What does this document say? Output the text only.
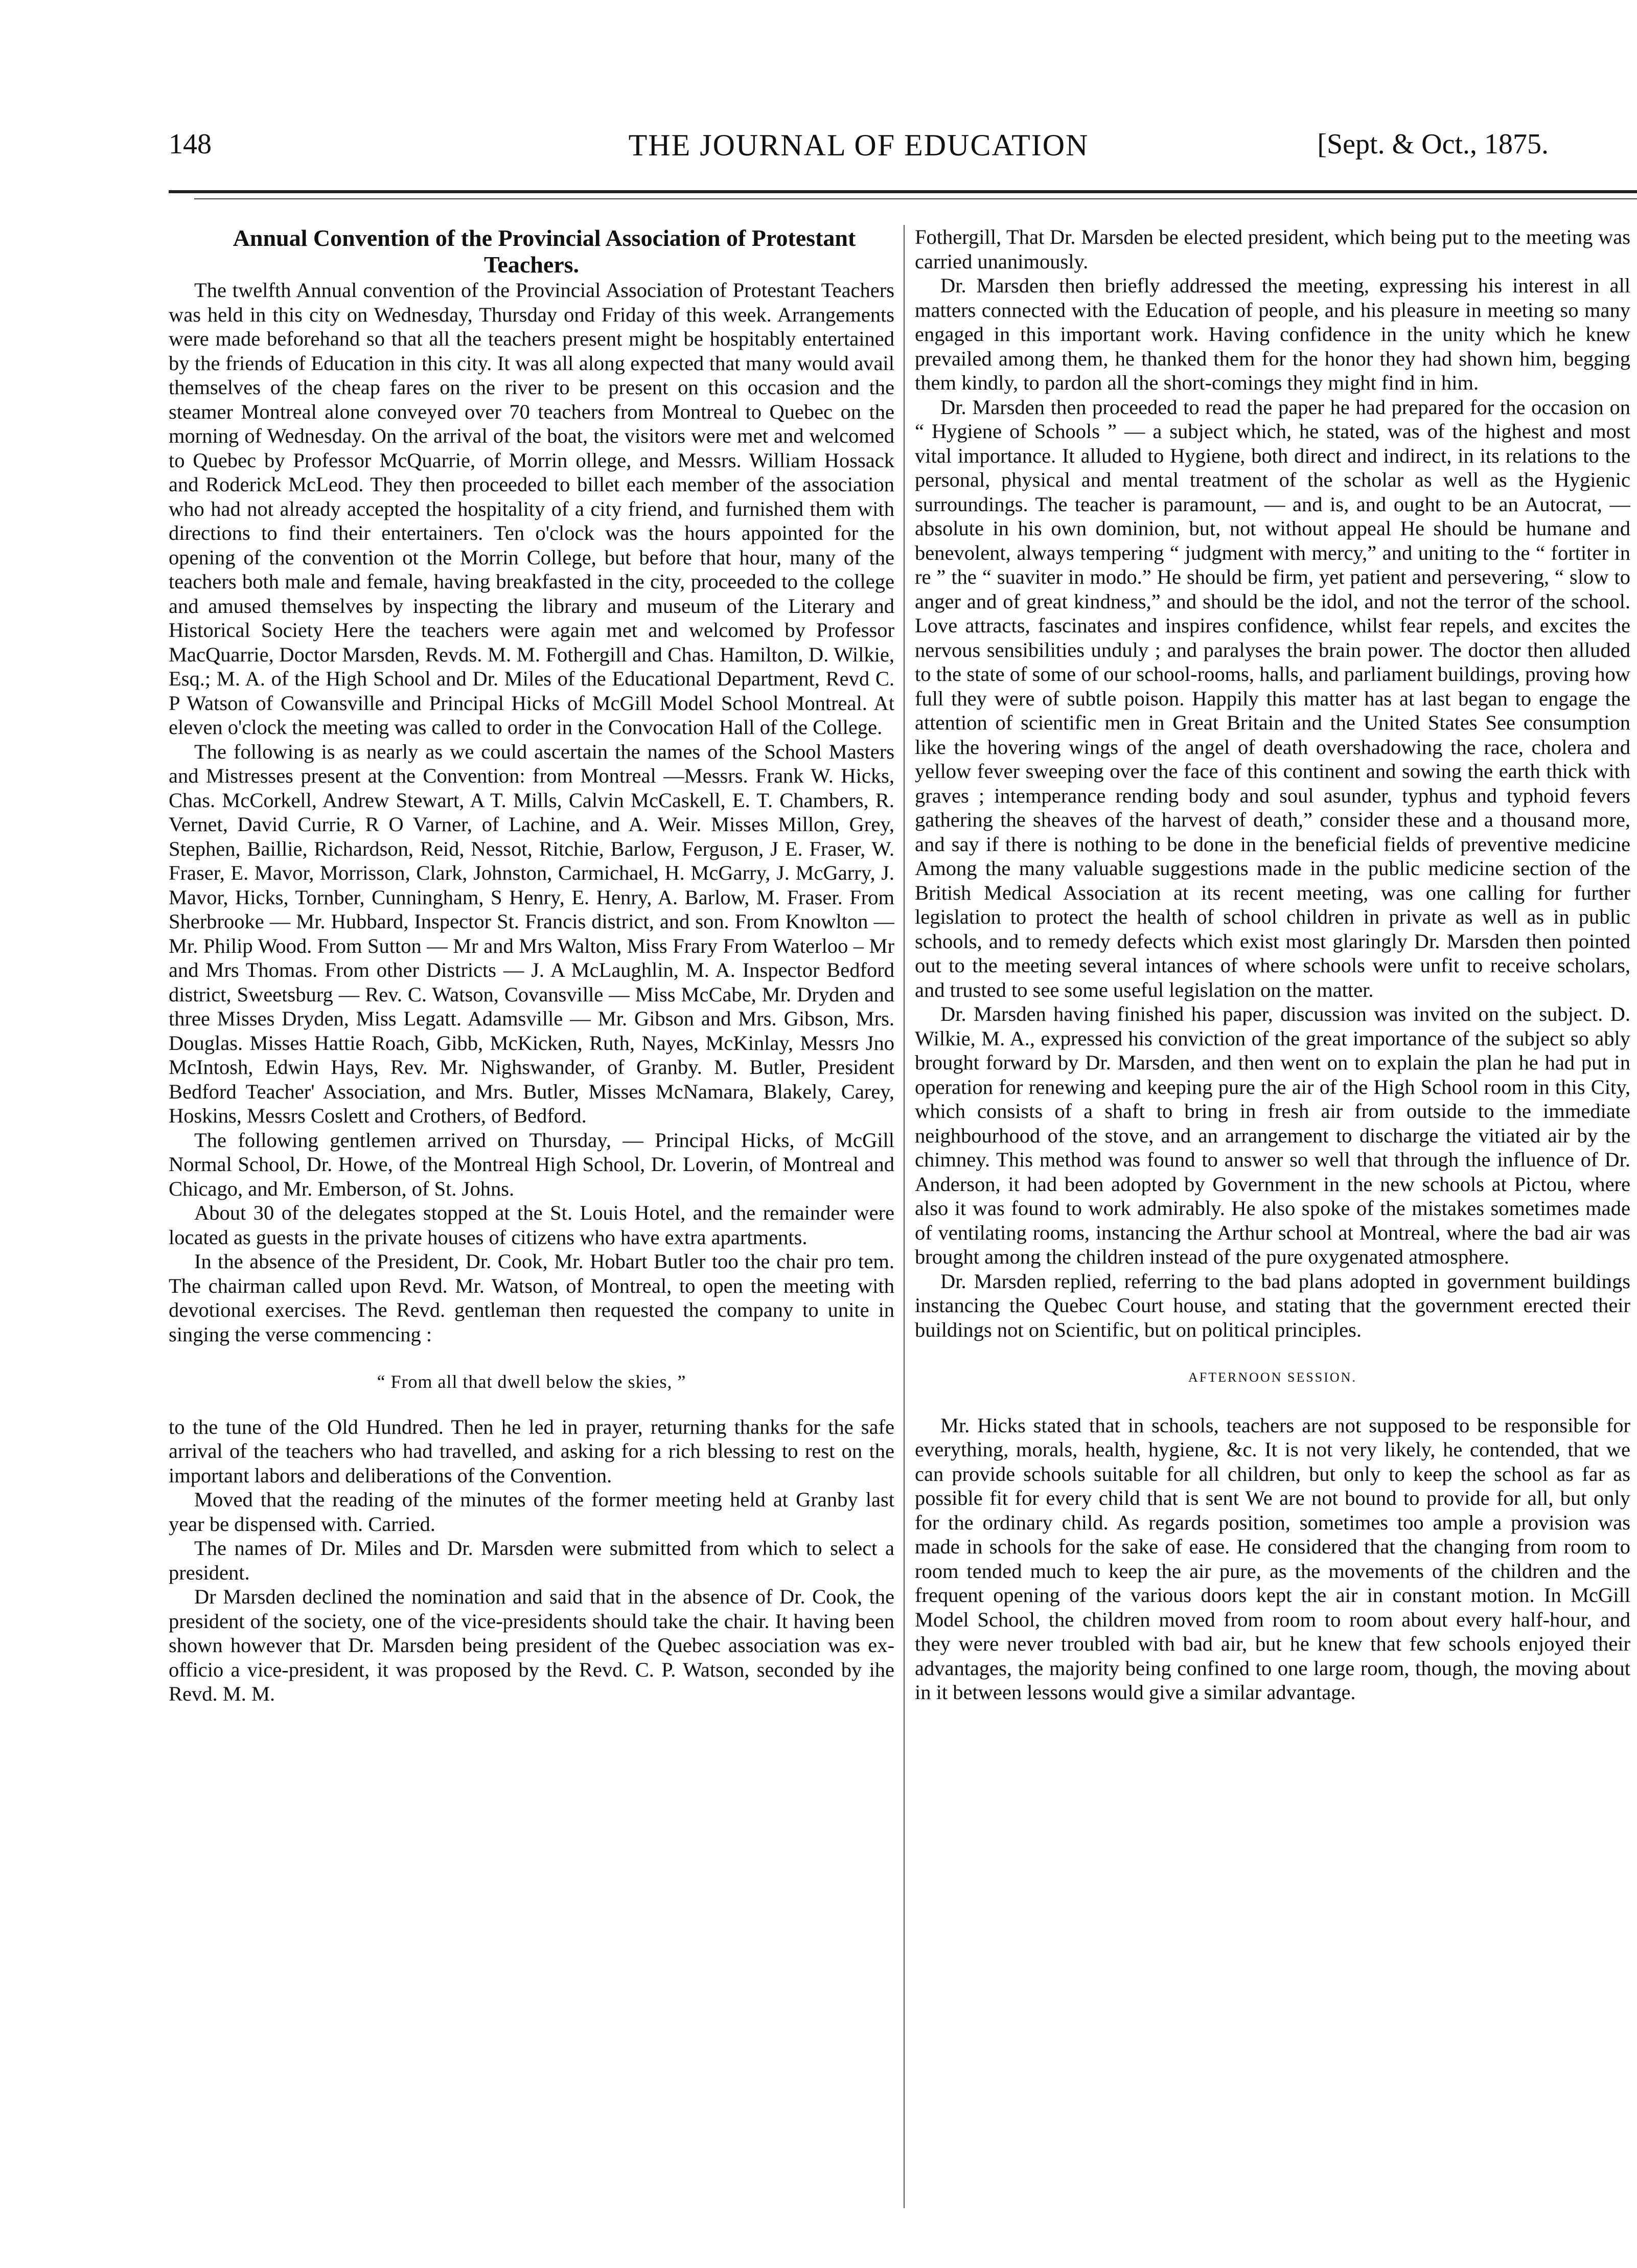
148	THE JOURNAL OF EDUCATION	[Sept. & Oct., 1875.

Annual Convention of the Provincial Association of Protestant Teachers.

The twelfth Annual convention of the Provincial Association of Protestant Teachers was held in this city on Wednesday, Thursday ond Friday of this week. Arrangements were made beforehand so that all the teachers present might be hospitably entertained by the friends of Education in this city. It was all along expected that many would avail themselves of the cheap fares on the river to be present on this occasion and the steamer Montreal alone conveyed over 70 teachers from Montreal to Quebec on the morning of Wednesday. On the arrival of the boat, the visitors were met and welcomed to Quebec by Professor McQuarrie, of Morrin ollege, and Messrs. William Hossack and Roderick McLeod. They then proceeded to billet each member of the association who had not already accepted the hospitality of a city friend, and furnished them with directions to find their entertainers. Ten o'clock was the hours appointed for the opening of the convention ot the Morrin College, but before that hour, many of the teachers both male and female, having breakfasted in the city, proceeded to the college and amused themselves by inspecting the library and museum of the Literary and Historical Society Here the teachers were again met and welcomed by Professor MacQuarrie, Doctor Marsden, Revds. M. M. Fothergill and Chas. Hamilton, D. Wilkie, Esq.; M. A. of the High School and Dr. Miles of the Educational Department, Revd C. P Watson of Cowansville and Principal Hicks of McGill Model School Montreal. At eleven o'clock the meeting was called to order in the Convocation Hall of the College.

The following is as nearly as we could ascertain the names of the School Masters and Mistresses present at the Convention: from Montreal —Messrs. Frank W. Hicks, Chas. McCorkell, Andrew Stewart, A T. Mills, Calvin McCaskell, E. T. Chambers, R. Vernet, David Currie, R O Varner, of Lachine, and A. Weir. Misses Millon, Grey, Stephen, Baillie, Richardson, Reid, Nessot, Ritchie, Barlow, Ferguson, J E. Fraser, W. Fraser, E. Mavor, Morrisson, Clark, Johnston, Carmichael, H. McGarry, J. McGarry, J. Mavor, Hicks, Tornber, Cunningham, S Henry, E. Henry, A. Barlow, M. Fraser. From Sherbrooke — Mr. Hubbard, Inspector St. Francis district, and son. From Knowlton — Mr. Philip Wood. From Sutton — Mr and Mrs Walton, Miss Frary From Waterloo – Mr and Mrs Thomas. From other Districts — J. A McLaughlin, M. A. Inspector Bedford district, Sweetsburg — Rev. C. Watson, Covansville — Miss McCabe, Mr. Dryden and three Misses Dryden, Miss Legatt. Adamsville — Mr. Gibson and Mrs. Gibson, Mrs. Douglas. Misses Hattie Roach, Gibb, McKicken, Ruth, Nayes, McKinlay, Messrs Jno McIntosh, Edwin Hays, Rev. Mr. Nighswander, of Granby. M. Butler, President Bedford Teacher' Association, and Mrs. Butler, Misses McNamara, Blakely, Carey, Hoskins, Messrs Coslett and Crothers, of Bedford.

The following gentlemen arrived on Thursday, — Principal Hicks, of McGill Normal School, Dr. Howe, of the Montreal High School, Dr. Loverin, of Montreal and Chicago, and Mr. Emberson, of St. Johns.

About 30 of the delegates stopped at the St. Louis Hotel, and the remainder were located as guests in the private houses of citizens who have extra apartments.

In the absence of the President, Dr. Cook, Mr. Hobart Butler too the chair pro tem. The chairman called upon Revd. Mr. Watson, of Montreal, to open the meeting with devotional exercises. The Revd. gentleman then requested the company to unite in singing the verse commencing :

“ From all that dwell below the skies, ”

to the tune of the Old Hundred. Then he led in prayer, returning thanks for the safe arrival of the teachers who had travelled, and asking for a rich blessing to rest on the important labors and deliberations of the Convention.

Moved that the reading of the minutes of the former meeting held at Granby last year be dispensed with. Carried.

The names of Dr. Miles and Dr. Marsden were submitted from which to select a president.

Dr Marsden declined the nomination and said that in the absence of Dr. Cook, the president of the society, one of the vice-presidents should take the chair. It having been shown however that Dr. Marsden being president of the Quebec association was ex-officio a vice-president, it was proposed by the Revd. C. P. Watson, seconded by ihe Revd. M. M.

Fothergill, That Dr. Marsden be elected president, which being put to the meeting was carried unanimously.

Dr. Marsden then briefly addressed the meeting, expressing his interest in all matters connected with the Education of people, and his pleasure in meeting so many engaged in this important work. Having confidence in the unity which he knew prevailed among them, he thanked them for the honor they had shown him, begging them kindly, to pardon all the short-comings they might find in him.

Dr. Marsden then proceeded to read the paper he had prepared for the occasion on “ Hygiene of Schools ” — a subject which, he stated, was of the highest and most vital importance. It alluded to Hygiene, both direct and indirect, in its relations to the personal, physical and mental treatment of the scholar as well as the Hygienic surroundings. The teacher is paramount, — and is, and ought to be an Autocrat, — absolute in his own dominion, but, not without appeal He should be humane and benevolent, always tempering “ judgment with mercy,” and uniting to the “ fortiter in re ” the “ suaviter in modo.” He should be firm, yet patient and persevering, “ slow to anger and of great kindness,” and should be the idol, and not the terror of the school. Love attracts, fascinates and inspires confidence, whilst fear repels, and excites the nervous sensibilities unduly ; and paralyses the brain power. The doctor then alluded to the state of some of our school-rooms, halls, and parliament buildings, proving how full they were of subtle poison. Happily this matter has at last began to engage the attention of scientific men in Great Britain and the United States See consumption like the hovering wings of the angel of death overshadowing the race, cholera and yellow fever sweeping over the face of this continent and sowing the earth thick with graves ; intemperance rending body and soul asunder, typhus and typhoid fevers gathering the sheaves of the harvest of death,” consider these and a thousand more, and say if there is nothing to be done in the beneficial fields of preventive medicine Among the many valuable suggestions made in the public medicine section of the British Medical Association at its recent meeting, was one calling for further legislation to protect the health of school children in private as well as in public schools, and to remedy defects which exist most glaringly Dr. Marsden then pointed out to the meeting several intances of where schools were unfit to receive scholars, and trusted to see some useful legislation on the matter.

Dr. Marsden having finished his paper, discussion was invited on the subject. D. Wilkie, M. A., expressed his conviction of the great importance of the subject so ably brought forward by Dr. Marsden, and then went on to explain the plan he had put in operation for renewing and keeping pure the air of the High School room in this City, which consists of a shaft to bring in fresh air from outside to the immediate neighbourhood of the stove, and an arrangement to discharge the vitiated air by the chimney. This method was found to answer so well that through the influence of Dr. Anderson, it had been adopted by Government in the new schools at Pictou, where also it was found to work admirably. He also spoke of the mistakes sometimes made of ventilating rooms, instancing the Arthur school at Montreal, where the bad air was brought among the children instead of the pure oxygenated atmosphere.

Dr. Marsden replied, referring to the bad plans adopted in government buildings instancing the Quebec Court house, and stating that the government erected their buildings not on Scientific, but on political principles.

AFTERNOON SESSION.

Mr. Hicks stated that in schools, teachers are not supposed to be responsible for everything, morals, health, hygiene, &c. It is not very likely, he contended, that we can provide schools suitable for all children, but only to keep the school as far as possible fit for every child that is sent We are not bound to provide for all, but only for the ordinary child. As regards position, sometimes too ample a provision was made in schools for the sake of ease. He considered that the changing from room to room tended much to keep the air pure, as the movements of the children and the frequent opening of the various doors kept the air in constant motion. In McGill Model School, the children moved from room to room about every half-hour, and they were never troubled with bad air, but he knew that few schools enjoyed their advantages, the majority being confined to one large room, though, the moving about in it between lessons would give a similar advantage.
